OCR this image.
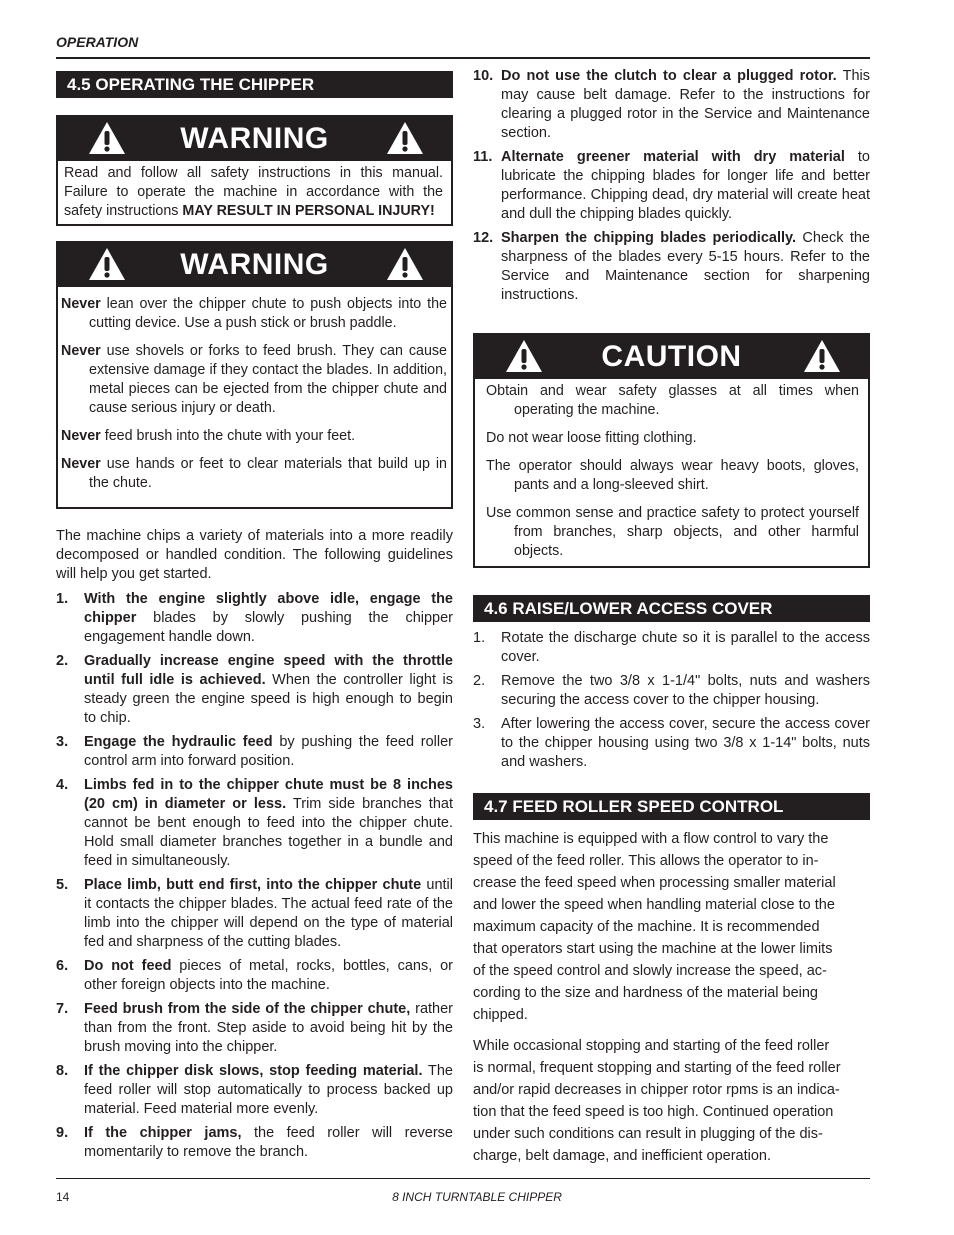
OPERATION
4.5 OPERATING THE CHIPPER
WARNING

Read and follow all safety instructions in this manual. Failure to operate the machine in accordance with the safety instructions MAY RESULT IN PERSONAL INJURY!

WARNING
Never lean over the chipper chute to push objects into the cutting device. Use a push stick or brush paddle.
Never use shovels or forks to feed brush. They can cause extensive damage if they contact the blades. In addition, metal pieces can be ejected from the chipper chute and cause serious injury or death.
Never feed brush into the chute with your feet.
Never use hands or feet to clear materials that build up in the chute.
The machine chips a variety of materials into a more readily decomposed or handled condition. The following guidelines will help you get started.
1.	With the engine slightly above idle, engage the chipper blades by slowly pushing the chipper engagement handle down.
2.	Gradually increase engine speed with the throttle until full idle is achieved. When the controller light is steady green the engine speed is high enough to begin to chip.
3.	Engage the hydraulic feed by pushing the feed roller control arm into forward position.
4.	Limbs fed in to the chipper chute must be 8 inches (20 cm) in diameter or less. Trim side branches that cannot be bent enough to feed into the chipper chute. Hold small diameter branches together in a bundle and feed in simultaneously.
5.	Place limb, butt end first, into the chipper chute until it contacts the chipper blades. The actual feed rate of the limb into the chipper will depend on the type of material fed and sharpness of the cutting blades.
6.	Do not feed pieces of metal, rocks, bottles, cans, or other foreign objects into the machine.
7.	Feed brush from the side of the chipper chute, rather than from the front. Step aside to avoid being hit by the brush moving into the chipper.
8.	If the chipper disk slows, stop feeding material. The feed roller will stop automatically to process backed up material. Feed material more evenly.
9.	If the chipper jams, the feed roller will reverse momentarily to remove the branch.
10. Do not use the clutch to clear a plugged rotor. This may cause belt damage. Refer to the instructions for clearing a plugged rotor in the Service and Maintenance section.
11. Alternate greener material with dry material to lubricate the chipping blades for longer life and better performance. Chipping dead, dry material will create heat and dull the chipping blades quickly.
12. Sharpen the chipping blades periodically. Check the sharpness of the blades every 5-15 hours. Refer to the Service and Maintenance section for sharpening instructions.
CAUTION
Obtain and wear safety glasses at all times when operating the machine.
Do not wear loose fitting clothing.
The operator should always wear heavy boots, gloves, pants and a long-sleeved shirt.
Use common sense and practice safety to protect yourself from branches, sharp objects, and other harmful objects.
4.6 RAISE/LOWER ACCESS COVER
1.	Rotate the discharge chute so it is parallel to the access cover.
2.	Remove the two 3/8 x 1-1/4" bolts, nuts and washers securing the access cover to the chipper housing.
3.	After lowering the access cover, secure the access cover to the chipper housing using two 3/8 x 1-14" bolts, nuts and washers.
4.7 FEED ROLLER SPEED CONTROL
This machine is equipped with a flow control to vary the
speed of the feed roller. This allows the operator to in-
crease the feed speed when processing smaller material
and lower the speed when handling material close to the
maximum capacity of the machine. It is recommended
that operators start using the machine at the lower limits
of the speed control and slowly increase the speed, ac-
cording to the size and hardness of the material being
chipped.
While occasional stopping and starting of the feed roller
is normal, frequent stopping and starting of the feed roller
and/or rapid decreases in chipper rotor rpms is an indica-
tion that the feed speed is too high. Continued operation
under such conditions can result in plugging of the dis-
charge, belt damage, and inefficient operation.
14	8 INCH TURNTABLE CHIPPER
